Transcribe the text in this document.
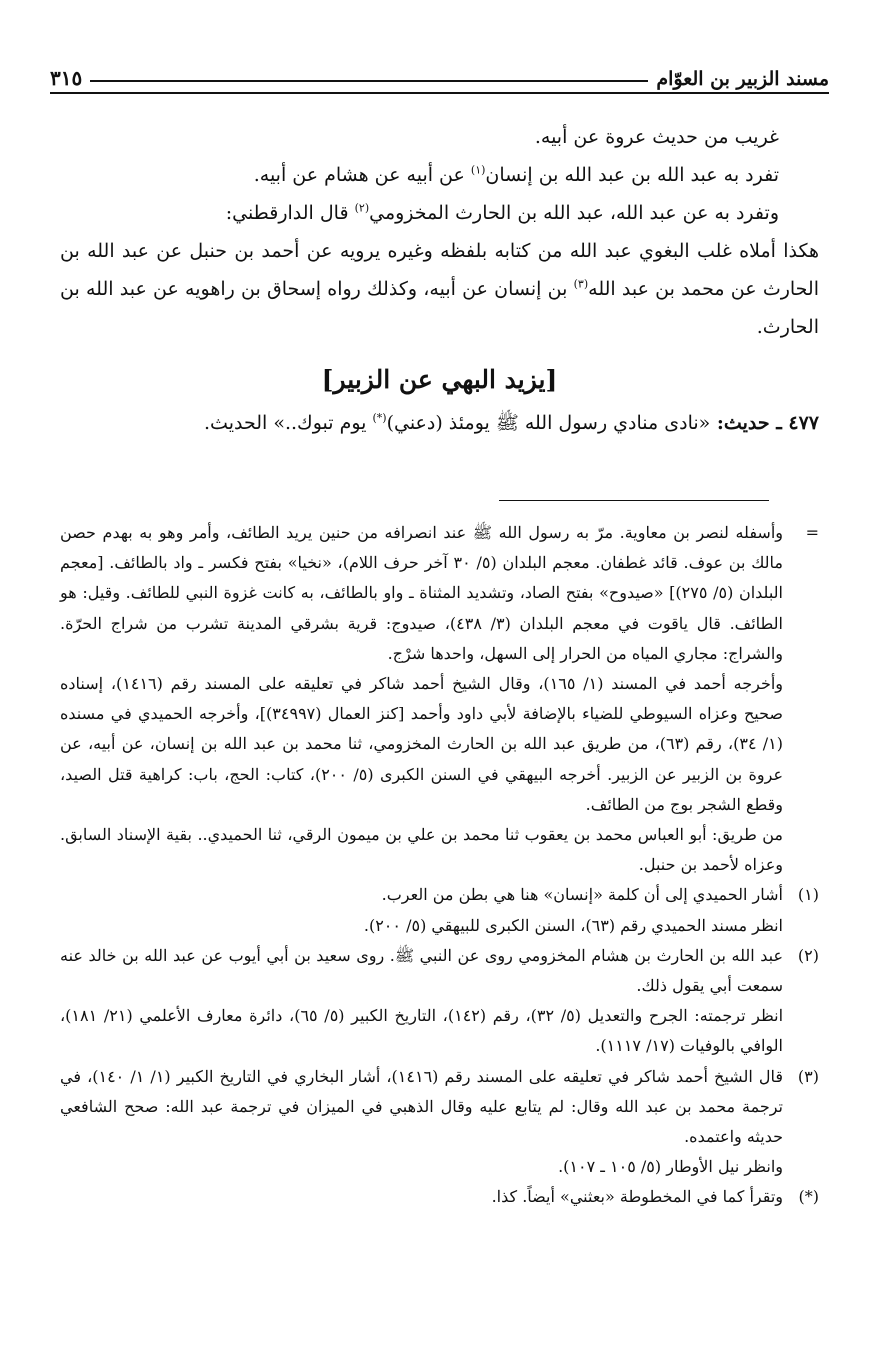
مسند الزبير بن العوّام
٣١٥

غريب من حديث عروة عن أبيه.

تفرد به عبد الله بن عبد الله بن إنسان$^{(١)}$ عن أبيه عن هشام عن أبيه.

وتفرد به عن عبد الله، عبد الله بن الحارث المخزومي$^{(٢)}$ قال الدارقطني:

هكذا أملاه غلب البغوي عبد الله من كتابه بلفظه وغيره يرويه عن أحمد بن حنبل عن عبد الله بن الحارث عن محمد بن عبد الله$^{(٣)}$ بن إنسان عن أبيه، وكذلك رواه إسحاق بن راهويه عن عبد الله بن الحارث.

[يزيد البهي عن الزبير]

٤٧٧ ـ حديث: «نادى منادي رسول الله ﷺ يومئذ (دعني)(*) يوم تبوك..» الحديث.

=

وأسفله لنصر بن معاوية. مرّ به رسول الله ﷺ عند انصرافه من حنين يريد الطائف، وأمر وهو به بهدم حصن مالك بن عوف. قائد غطفان. معجم البلدان (٥/ ٣٠ آخر حرف اللام)، «نخيا» بفتح فكسر ـ واد بالطائف. [معجم البلدان (٥/ ٢٧٥)] «صيدوح» بفتح الصاد، وتشديد المثناة ـ واو بالطائف، به كانت غزوة النبي للطائف. وقيل: هو الطائف. قال ياقوت في معجم البلدان (٣/ ٤٣٨)، صيدوج: قرية بشرقي المدينة تشرب من شراج الحرّة. والشراج: مجاري المياه من الحرار إلى السهل، واحدها شرْج.

وأخرجه أحمد في المسند (١/ ١٦٥)، وقال الشيخ أحمد شاكر في تعليقه على المسند رقم (١٤١٦)، إسناده صحيح وعزاه السيوطي للضياء بالإضافة لأبي داود وأحمد [كنز العمال (٣٤٩٩٧)]، وأخرجه الحميدي في مسنده (١/ ٣٤)، رقم (٦٣)، من طريق عبد الله بن الحارث المخزومي، ثنا محمد بن عبد الله بن إنسان، عن أبيه، عن عروة بن الزبير عن الزبير. أخرجه البيهقي في السنن الكبرى (٥/ ٢٠٠)، كتاب: الحج، باب: كراهية قتل الصيد، وقطع الشجر بوج من الطائف.

من طريق: أبو العباس محمد بن يعقوب ثنا محمد بن علي بن ميمون الرقي، ثنا الحميدي.. بقية الإسناد السابق. وعزاه لأحمد بن حنبل.

(١)

أشار الحميدي إلى أن كلمة «إنسان» هنا هي بطن من العرب.

انظر مسند الحميدي رقم (٦٣)، السنن الكبرى للبيهقي (٥/ ٢٠٠).

(٢)

عبد الله بن الحارث بن هشام المخزومي روى عن النبي ﷺ. روى سعيد بن أبي أيوب عن عبد الله بن خالد عنه سمعت أبي يقول ذلك.

انظر ترجمته: الجرح والتعديل (٥/ ٣٢)، رقم (١٤٢)، التاريخ الكبير (٥/ ٦٥)، دائرة معارف الأعلمي (٢١/ ١٨١)، الوافي بالوفيات (١٧/ ١١١٧).

(٣)

قال الشيخ أحمد شاكر في تعليقه على المسند رقم (١٤١٦)، أشار البخاري في التاريخ الكبير (١/ ١/ ١٤٠)، في ترجمة محمد بن عبد الله وقال: لم يتابع عليه وقال الذهبي في الميزان في ترجمة عبد الله: صحح الشافعي حديثه واعتمده.

وانظر نيل الأوطار (٥/ ١٠٥ ـ ١٠٧).

(*)

وتقرأ كما في المخطوطة «بعثني» أيضاً. كذا.
